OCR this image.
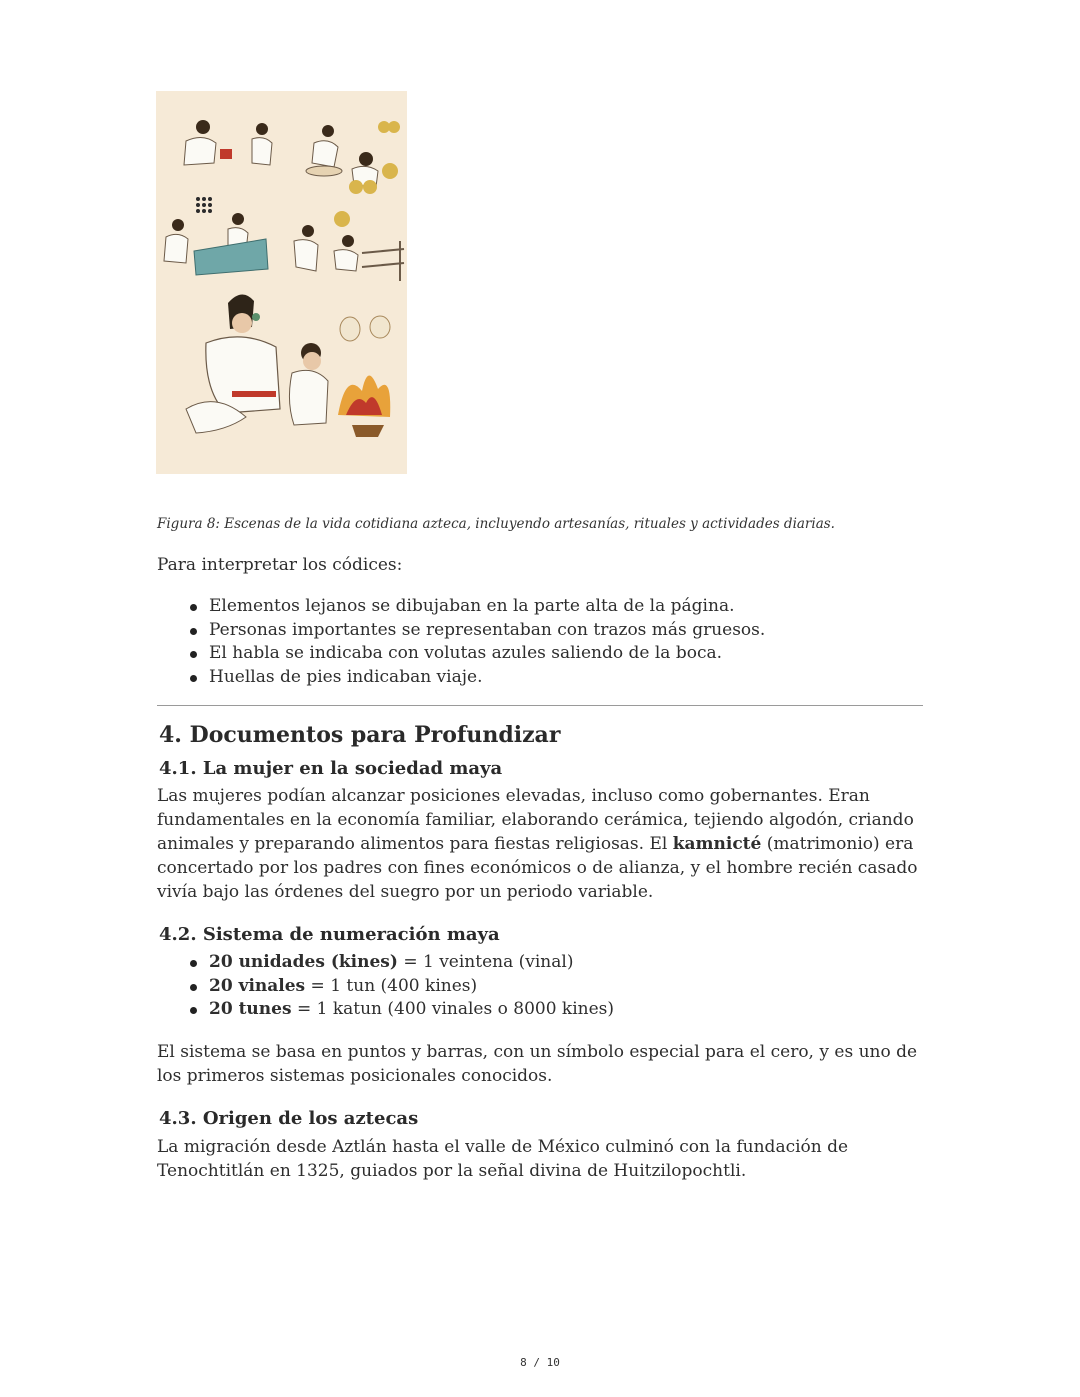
Figura 8: Escenas de la vida cotidiana azteca, incluyendo artesanías, rituales y actividades diarias.
Para interpretar los códices:
Elementos lejanos se dibujaban en la parte alta de la página.
Personas importantes se representaban con trazos más gruesos.
El habla se indicaba con volutas azules saliendo de la boca.
Huellas de pies indicaban viaje.
4. Documentos para Profundizar
4.1. La mujer en la sociedad maya
Las mujeres podían alcanzar posiciones elevadas, incluso como gobernantes. Eran fundamentales en la economía familiar, elaborando cerámica, tejiendo algodón, criando animales y preparando alimentos para fiestas religiosas. El kamnicté (matrimonio) era concertado por los padres con fines económicos o de alianza, y el hombre recién casado vivía bajo las órdenes del suegro por un periodo variable.
4.2. Sistema de numeración maya
20 unidades (kines) = 1 veintena (vinal)
20 vinales = 1 tun (400 kines)
20 tunes = 1 katun (400 vinales o 8000 kines)
El sistema se basa en puntos y barras, con un símbolo especial para el cero, y es uno de los primeros sistemas posicionales conocidos.
4.3. Origen de los aztecas
La migración desde Aztlán hasta el valle de México culminó con la fundación de Tenochtitlán en 1325, guiados por la señal divina de Huitzilopochtli.
8 / 10
